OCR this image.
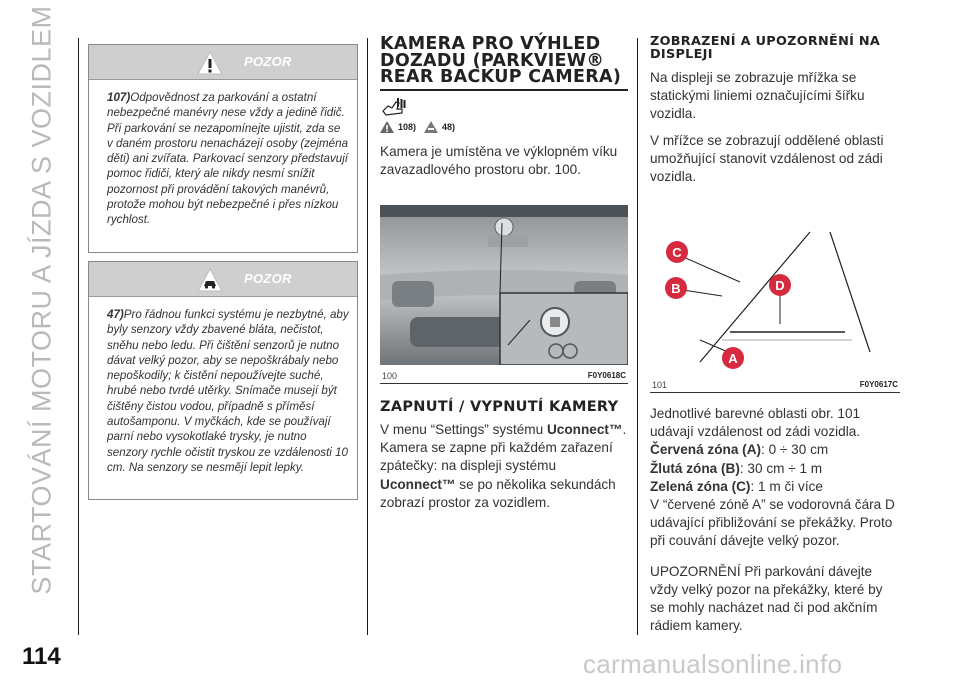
STARTOVÁNÍ MOTORU A JÍZDA S VOZIDLEM	POZOR
107)Odpovědnost za parkování a ostatní nebezpečné manévry nese vždy a jedině řidič. Při parkování se nezapomínejte ujistit, zda se v daném prostoru nenacházejí osoby (zejména děti) ani zvířata. Parkovací senzory představují pomoc řidiči, který ale nikdy nesmí snížit pozornost při provádění takových manévrů, protože mohou být nebezpečné i přes nízkou rychlost.
POZOR
47)Pro řádnou funkci systému je nezbytné, aby byly senzory vždy zbavené bláta, nečistot, sněhu nebo ledu. Při čištění senzorů je nutno dávat velký pozor, aby se nepoškrábaly nebo nepoškodily; k čistění nepoužívejte suché, hrubé nebo tvrdé utěrky. Snímače musejí být čištěny čistou vodou, případně s příměsí autošamponu. V myčkách, kde se používají parní nebo vysokotlaké trysky, je nutno senzory rychle očistit tryskou ze vzdálenosti 10 cm. Na senzory se nesmějí lepit lepky.
KAMERA PRO VÝHLED DOZADU (PARKVIEW® REAR BACKUP CAMERA)
108)	48)
Kamera je umístěna ve výklopném víku zavazadlového prostoru obr. 100.
100	F0Y0618C
ZAPNUTÍ / VYPNUTÍ KAMERY
V menu “Settings” systému Uconnect™. Kamera se zapne při každém zařazení zpátečky: na displeji systému Uconnect™ se po několika sekundách zobrazí prostor za vozidlem.
ZOBRAZENÍ A UPOZORNĚNÍ NA DISPLEJI
Na displeji se zobrazuje mřížka se statickými liniemi označujícími šířku vozidla.
V mřížce se zobrazují oddělené oblasti umožňující stanovit vzdálenost od zádi vozidla.
C
B	D
A
101	F0Y0617C
Jednotlivé barevné oblasti obr. 101 udávají vzdálenost od zádi vozidla.
Červená zóna (A): 0 ÷ 30 cm
Žlutá zóna (B): 30 cm ÷ 1 m
Zelená zóna (C): 1 m či více
V “červené zóně A” se vodorovná čára D udávající přibližování se překážky. Proto při couvání dávejte velký pozor.
UPOZORNĚNÍ Při parkování dávejte vždy velký pozor na překážky, které by se mohly nacházet nad či pod akčním rádiem kamery.
114	carmanualsonline.info
